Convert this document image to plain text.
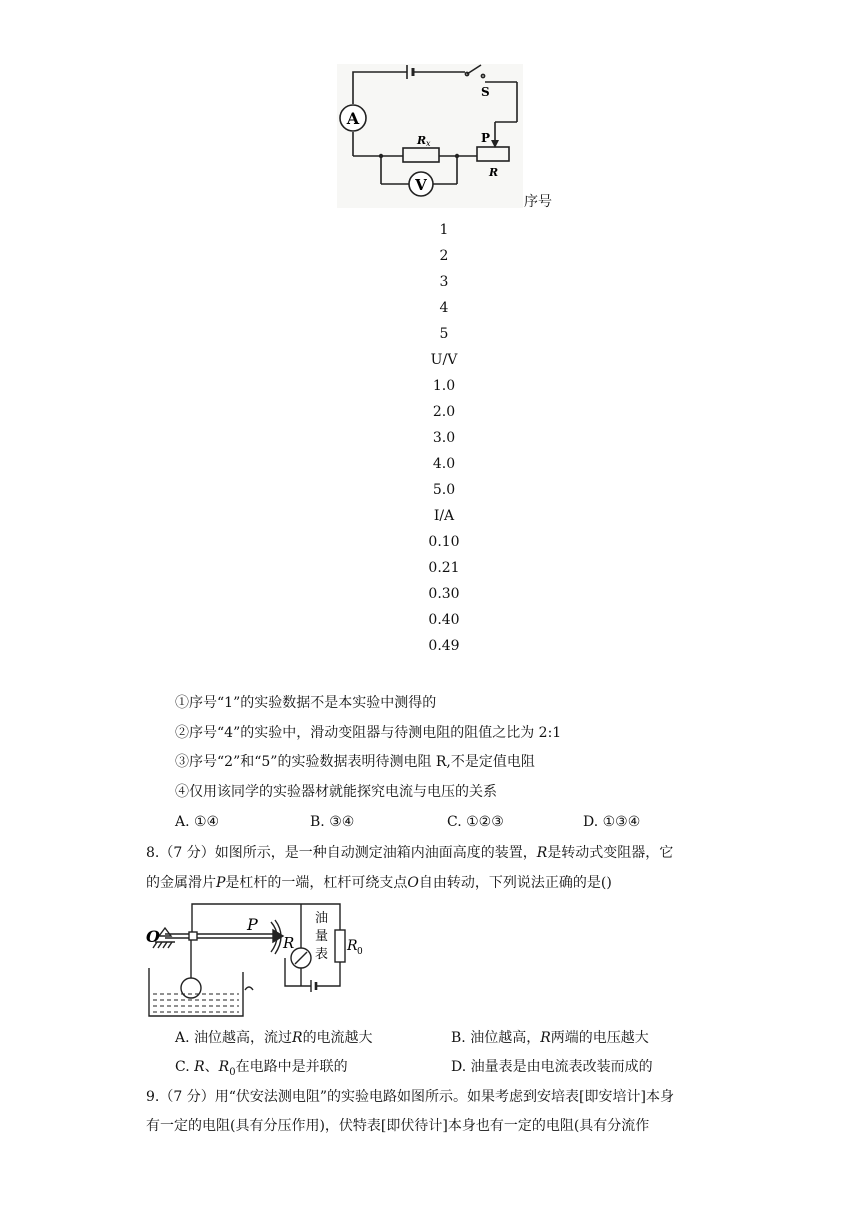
A
V
S
R x	P
R
序号
1
2
3
4
5
U/V
1.0
2.0
3.0
4.0
5.0
I/A
0.10
0.21
0.30
0.40
0.49
①序号“1”的实验数据不是本实验中测得的
②序号“4”的实验中，滑动变阻器与待测电阻的阻值之比为 2:1
③序号“2”和“5”的实验数据表明待测电阻 R,不是定值电阻
④仅用该同学的实验器材就能探究电流与电压的关系
A. ①④	B. ③④	C. ①②③	D. ①③④
8.（7 分）如图所示，是一种自动测定油箱内油面高度的装置，R是转动式变阻器，它
的金属滑片P是杠杆的一端，杠杆可绕支点O自由转动，下列说法正确的是()
O
P
R
油
量
表
R 0
A. 油位越高，流过R的电流越大	B. 油位越高，R两端的电压越大
C. R、$R_0$在电路中是并联的	D. 油量表是由电流表改装而成的
9.（7 分）用“伏安法测电阻”的实验电路如图所示。如果考虑到安培表[即安培计]本身
有一定的电阻(具有分压作用)，伏特表[即伏待计]本身也有一定的电阻(具有分流作
